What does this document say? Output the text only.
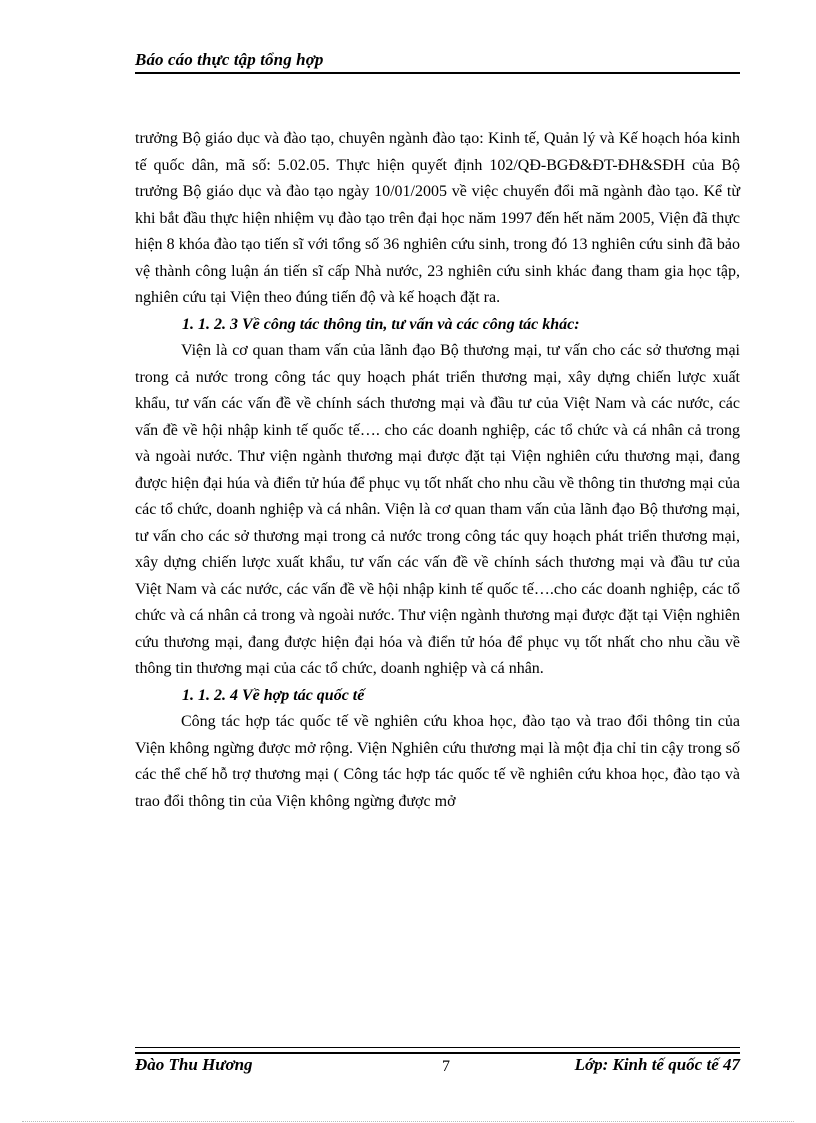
Báo cáo thực tập tổng hợp

trưởng Bộ giáo dục và đào tạo, chuyên ngành đào tạo: Kinh tế, Quản lý và Kế hoạch hóa kinh tế quốc dân, mã số: 5.02.05. Thực hiện quyết định 102/QĐ-BGĐ&ĐT-ĐH&SĐH của Bộ trưởng Bộ giáo dục và đào tạo ngày 10/01/2005 về việc chuyển đổi mã ngành đào tạo. Kể từ khi bắt đầu thực hiện nhiệm vụ đào tạo trên đại học năm 1997 đến hết năm 2005, Viện đã thực hiện 8 khóa đào tạo tiến sĩ với tổng số 36 nghiên cứu sinh, trong đó 13 nghiên cứu sinh đã bảo vệ thành công luận án tiến sĩ cấp Nhà nước, 23 nghiên cứu sinh khác đang tham gia học tập, nghiên cứu tại Viện theo đúng tiến độ và kế hoạch đặt ra.

1. 1. 2. 3 Về công tác thông tin, tư vấn và các công tác khác:

Viện là cơ quan tham vấn của lãnh đạo Bộ thương mại, tư vấn cho các sở thương mại trong cả nước trong công tác quy hoạch phát triển thương mại, xây dựng chiến lược xuất khẩu, tư vấn các vấn đề về chính sách thương mại và đầu tư của Việt Nam và các nước, các vấn đề về hội nhập kinh tế quốc tế…. cho các doanh nghiệp, các tổ chức và cá nhân cả trong và ngoài nước. Thư viện ngành thương mại được đặt tại Viện nghiên cứu thương mại, đang được hiện đại húa và điển tử húa để phục vụ tốt nhất cho nhu cầu về thông tin thương mại của các tổ chức, doanh nghiệp và cá nhân. Viện là cơ quan tham vấn của lãnh đạo Bộ thương mại, tư vấn cho các sở thương mại trong cả nước trong công tác quy hoạch phát triển thương mại, xây dựng chiến lược xuất khẩu, tư vấn các vấn đề về chính sách thương mại và đầu tư của Việt Nam và các nước, các vấn đề về hội nhập kinh tế quốc tế….cho các doanh nghiệp, các tổ chức và cá nhân cả trong và ngoài nước. Thư viện ngành thương mại được đặt tại Viện nghiên cứu thương mại, đang được hiện đại hóa và điển tử hóa để phục vụ tốt nhất cho nhu cầu về thông tin thương mại của các tổ chức, doanh nghiệp và cá nhân.

1. 1. 2. 4 Về hợp tác quốc tế

Công tác hợp tác quốc tế về nghiên cứu khoa học, đào tạo và trao đổi thông tin của Viện không ngừng được mở rộng. Viện Nghiên cứu thương mại là một địa chỉ tin cậy trong số các thể chế hỗ trợ thương mại ( Công tác hợp tác quốc tế về nghiên cứu khoa học, đào tạo và trao đổi thông tin của Viện không ngừng được mở

Đào Thu Hương	7	Lớp: Kinh tế quốc tế 47
